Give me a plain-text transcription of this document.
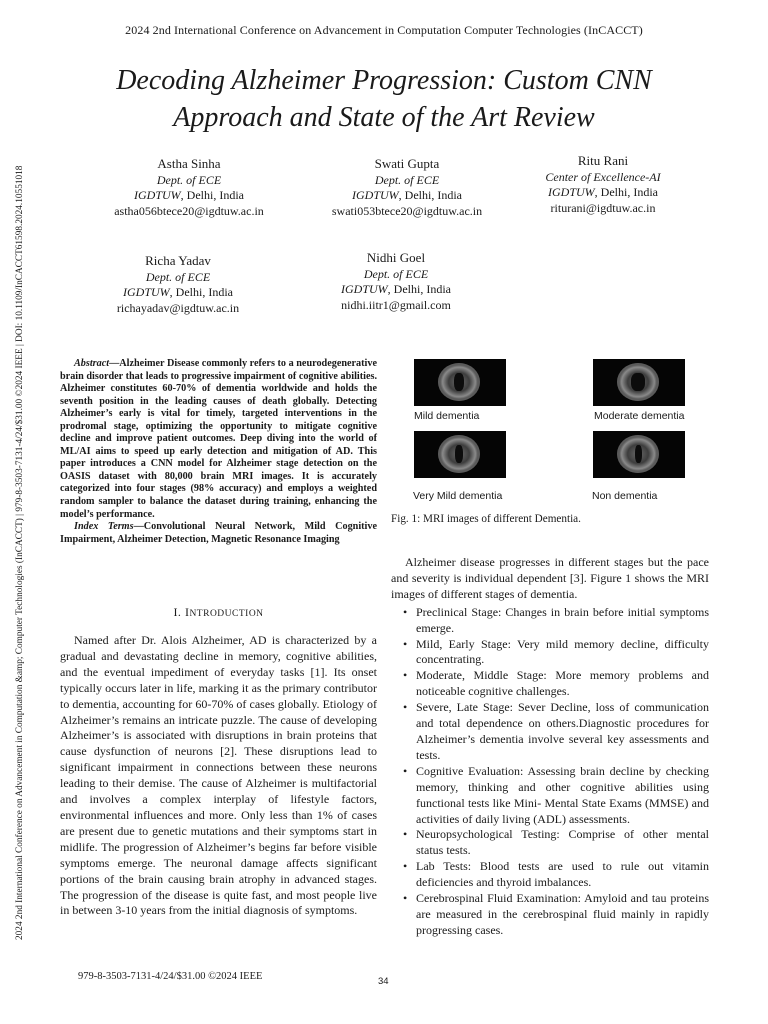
2024 2nd International Conference on Advancement in Computation Computer Technologies (InCACCT)
2024 2nd International Conference on Advancement in Computation &amp; Computer Technologies (InCACCT) | 979-8-3503-7131-4/24/$31.00 ©2024 IEEE | DOI: 10.1109/InCACCT61598.2024.10551018
Decoding Alzheimer Progression: Custom CNN
Approach and State of the Art Review
Astha Sinha
Dept. of ECE
IGDTUW, Delhi, India
astha056btece20@igdtuw.ac.in
Swati Gupta
Dept. of ECE
IGDTUW, Delhi, India
swati053btece20@igdtuw.ac.in
Ritu Rani
Center of Excellence-AI
IGDTUW, Delhi, India
riturani@igdtuw.ac.in
Richa Yadav
Dept. of ECE
IGDTUW, Delhi, India
richayadav@igdtuw.ac.in
Nidhi Goel
Dept. of ECE
IGDTUW, Delhi, India
nidhi.iitr1@gmail.com

Abstract—Alzheimer Disease commonly refers to a neurodegenerative brain disorder that leads to progressive impairment of cognitive abilities. Alzheimer constitutes 60-70% of dementia worldwide and holds the seventh position in the leading causes of death globally. Detecting Alzheimer’s early is vital for timely, targeted interventions in the prodromal stage, optimizing the opportunity to mitigate cognitive decline and improve patient outcomes. Deep diving into the world of ML/AI aims to speed up early detection and mitigation of AD. This paper introduces a CNN model for Alzheimer stage detection on the OASIS dataset with 80,000 brain MRI images. It is accurately categorized into four stages (98% accuracy) and employs a weighted random sampler to balance the dataset during training, enhancing the model’s performance.

Index Terms—Convolutional Neural Network, Mild Cognitive Impairment, Alzheimer Detection, Magnetic Resonance Imaging

I. INTRODUCTION

Named after Dr. Alois Alzheimer, AD is characterized by a gradual and devastating decline in memory, cognitive abilities, and the eventual impediment of everyday tasks [1]. Its onset typically occurs later in life, marking it as the primary contributor to dementia, accounting for 60-70% of cases globally. Etiology of Alzheimer’s remains an intricate puzzle. The cause of developing Alzheimer’s is associated with disruptions in brain proteins that cause dysfunction of neurons [2]. These disruptions lead to significant impairment in connections between these neurons leading to their demise. The cause of Alzheimer is multifactorial and involves a complex interplay of lifestyle factors, environmental influences and more. Only less than 1% of cases are present due to genetic mutations and their symptoms start in midlife. The progression of Alzheimer’s begins far before visible symptoms emerge. The neuronal damage affects significant portions of the brain causing brain atrophy in advanced stages. The progression of the disease is quite fast, and most people live in between 3-10 years from the initial diagnosis of symptoms.

Mild dementia	Moderate dementia
Very Mild dementia	Non dementia
Fig. 1: MRI images of different Dementia.

Alzheimer disease progresses in different stages but the pace and severity is individual dependent [3]. Figure 1 shows the MRI images of different stages of dementia.

• Preclinical Stage: Changes in brain before initial symptoms emerge.
• Mild, Early Stage: Very mild memory decline, difficulty concentrating.
• Moderate, Middle Stage: More memory problems and noticeable cognitive challenges.
• Severe, Late Stage: Sever Decline, loss of communication and total dependence on others.Diagnostic procedures for Alzheimer’s dementia involve several key assessments and tests.
• Cognitive Evaluation: Assessing brain decline by checking memory, thinking and other cognitive abilities using functional tests like Mini- Mental State Exams (MMSE) and activities of daily living (ADL) assessments.
• Neuropsychological Testing: Comprise of other mental status tests.
• Lab Tests: Blood tests are used to rule out vitamin deficiencies and thyroid imbalances.
• Cerebrospinal Fluid Examination: Amyloid and tau proteins are measured in the cerebrospinal fluid mainly in rapidly progressing cases.
979-8-3503-7131-4/24/$31.00 ©2024 IEEE	34
